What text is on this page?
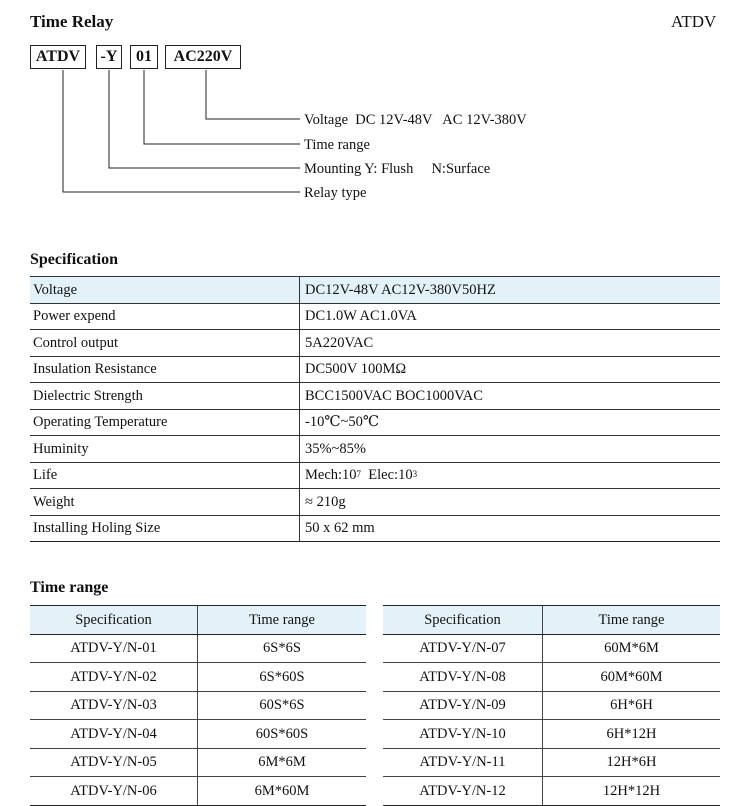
Time Relay	ATDV
ATDV	-Y	01	AC220V
Voltage  DC 12V-48V   AC 12V-380V
Time range
Mounting Y: Flush     N:Surface
Relay type
Specification
Voltage	DC12V-48V AC12V-380V50HZ
Power expend	DC1.0W AC1.0VA
Control output	5A220VAC
Insulation Resistance	DC500V 100MΩ
Dielectric Strength	BCC1500VAC BOC1000VAC
Operating Temperature	-10℃~50℃
Huminity	35%~85%
Life	$Mech:10^7$  $Elec:10^3$
Weight	≈ 210g
Installing Holing Size	50 x 62 mm
Time range
Specification	Time range
ATDV-Y/N-01	6S*6S
ATDV-Y/N-02	6S*60S
ATDV-Y/N-03	60S*6S
ATDV-Y/N-04	60S*60S
ATDV-Y/N-05	6M*6M
ATDV-Y/N-06	6M*60M
Specification	Time range
ATDV-Y/N-07	60M*6M
ATDV-Y/N-08	60M*60M
ATDV-Y/N-09	6H*6H
ATDV-Y/N-10	6H*12H
ATDV-Y/N-11	12H*6H
ATDV-Y/N-12	12H*12H
